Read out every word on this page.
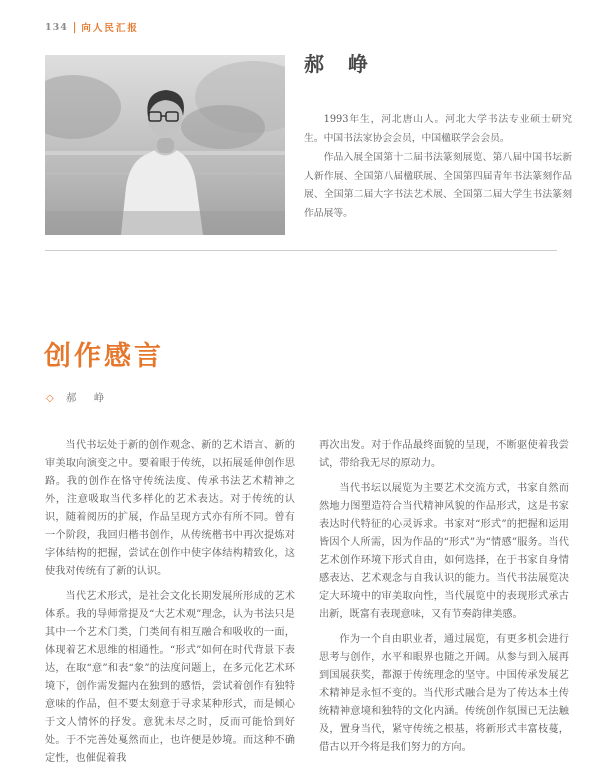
134 | 向人民汇报
郝　峥

1993年生，河北唐山人。河北大学书法专业硕士研究生。中国书法家协会会员，中国楹联学会会员。

作品入展全国第十二届书法篆刻展览、第八届中国书坛新人新作展、全国第八届楹联展、全国第四届青年书法篆刻作品展、全国第二届大字书法艺术展、全国第二届大学生书法篆刻作品展等。

创作感言
◇ 郝 峥

当代书坛处于新的创作观念、新的艺术语言、新的审美取向演变之中。要着眼于传统，以拓展延伸创作思路。我的创作在恪守传统法度、传承书法艺术精神之外，注意吸取当代多样化的艺术表达。对于传统的认识，随着阅历的扩展，作品呈现方式亦有所不同。曾有一个阶段，我回归楷书创作，从传统楷书中再次提炼对字体结构的把握，尝试在创作中使字体结构精致化，这使我对传统有了新的认识。

当代艺术形式，是社会文化长期发展所形成的艺术体系。我的导师常提及“大艺术观”理念，认为书法只是其中一个艺术门类，门类间有相互融合和吸收的一面，体现着艺术思维的相通性。“形式”如何在时代背景下表达，在取“意”和表“象”的法度问题上，在多元化艺术环境下，创作需发掘内在独到的感悟，尝试着创作有独特意味的作品，但不要太刻意于寻求某种形式，而是倾心于文人情怀的抒发。意犹未尽之时，反而可能恰到好处。于不完善处戛然而止，也许便是妙境。而这种不确定性，也催促着我

再次出发。对于作品最终面貌的呈现，不断驱使着我尝试，带给我无尽的原动力。

当代书坛以展览为主要艺术交流方式，书家自然而然地力图塑造符合当代精神风貌的作品形式，这是书家表达时代特征的心灵诉求。书家对“形式”的把握和运用皆因个人所需，因为作品的“形式”为“情感”服务。当代艺术创作环境下形式自由，如何选择，在于书家自身情感表达、艺术观念与自我认识的能力。当代书法展览决定大环境中的审美取向性，当代展览中的表现形式承古出新，既富有表现意味，又有节奏韵律美感。

作为一个自由职业者，通过展览，有更多机会进行思考与创作，水平和眼界也随之开阔。从参与到入展再到国展获奖，都源于传统理念的坚守。中国传承发展艺术精神是永恒不变的。当代形式融合是为了传达本土传统精神意境和独特的文化内涵。传统创作氛围已无法触及，置身当代，紧守传统之根基，将新形式丰富枝蔓，借古以开今将是我们努力的方向。
